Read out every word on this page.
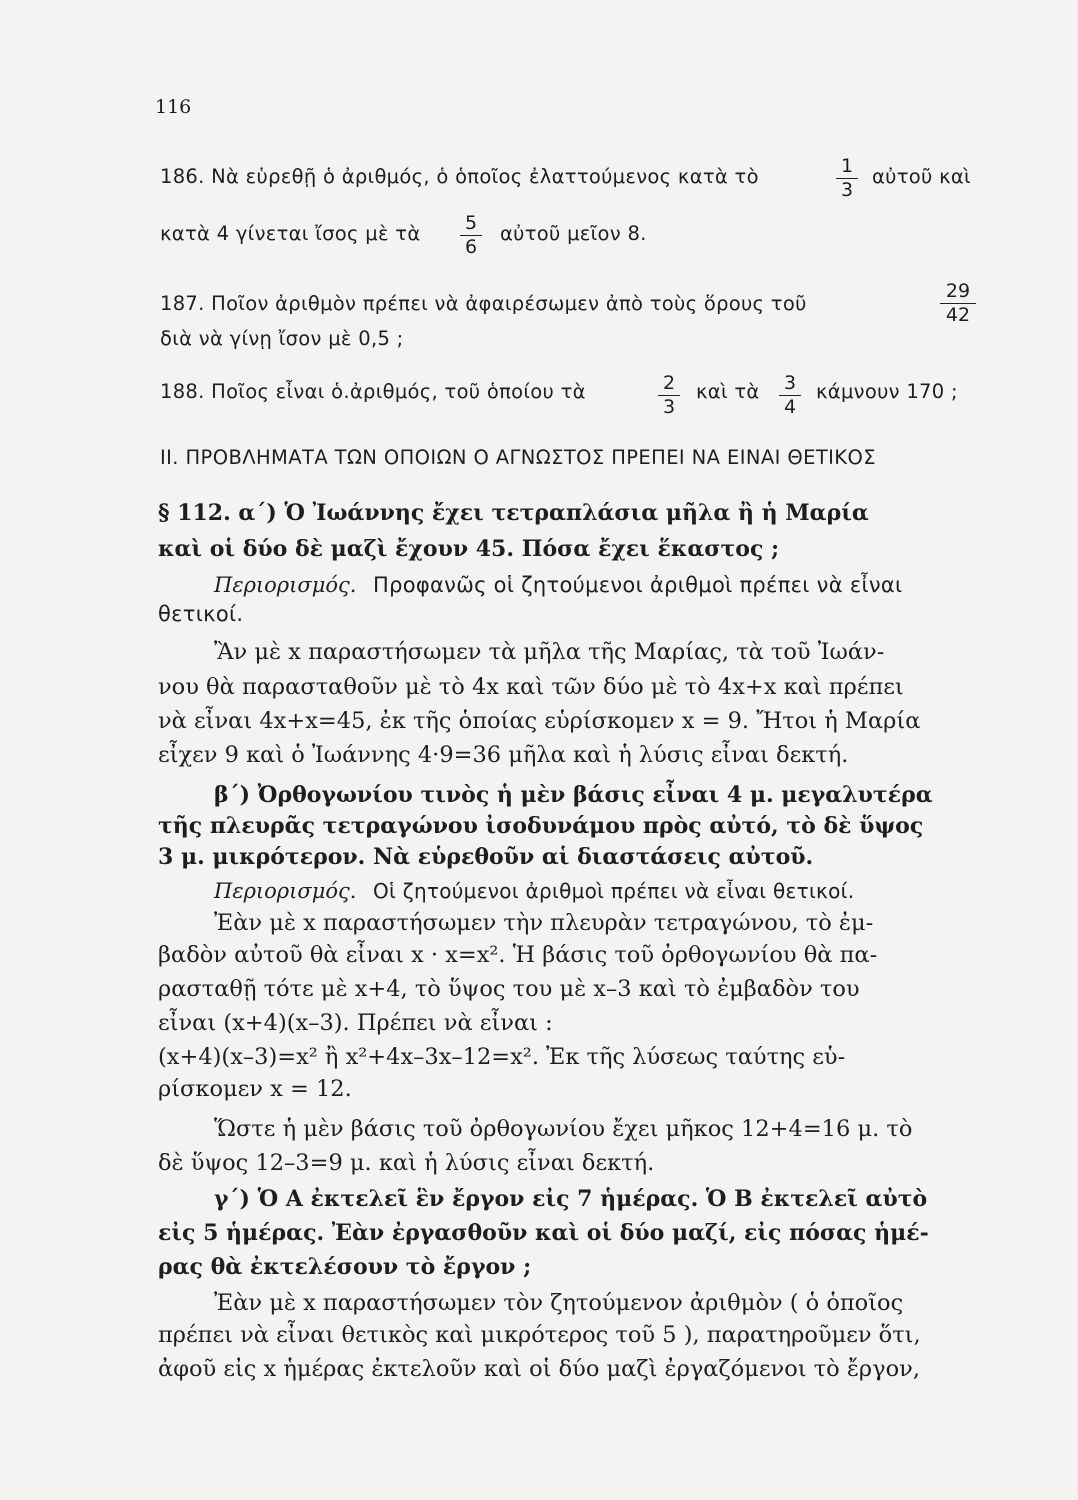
116
186. Νὰ εὑρεθῇ ὁ ἀριθμός, ὁ ὁποῖος ἐλαττούμενος κατὰ τὸ	1
3
αὐτοῦ καὶ
κατὰ 4 γίνεται ἴσος μὲ τὰ 5
6
αὐτοῦ μεῖον 8.
187. Ποῖον ἀριθμὸν πρέπει νὰ ἀφαιρέσωμεν ἀπὸ τοὺς ὅρους τοῦ
29
42
διὰ νὰ γίνῃ ἴσον μὲ 0,5 ;
188. Ποῖος εἶναι ὁ.ἀριθμός, τοῦ ὁποίου τὰ	2
3
καὶ τὰ 3
4
κάμνουν 170 ;
II. ΠΡΟΒΛΗΜΑΤΑ ΤΩΝ ΟΠΟΙΩΝ Ο ΑΓΝΩΣΤΟΣ ΠΡΕΠΕΙ ΝΑ ΕΙΝΑΙ ΘΕΤΙΚΟΣ
§ 112. α΄) Ὁ Ἰωάννης ἔχει τετραπλάσια μῆλα ἢ ἡ Μαρία
καὶ οἱ δύο δὲ μαζὶ ἔχουν 45. Πόσα ἔχει ἕκαστος ;
Περιορισμός. Προφανῶς οἱ ζητούμενοι ἀριθμοὶ πρέπει νὰ εἶναι
θετικοί.
Ἂν μὲ x παραστήσωμεν τὰ μῆλα τῆς Μαρίας, τὰ τοῦ Ἰωάν-
νου θὰ παρασταθοῦν μὲ τὸ 4x καὶ τῶν δύο μὲ τὸ 4x+x καὶ πρέπει
νὰ εἶναι 4x+x=45, ἐκ τῆς ὁποίας εὑρίσκομεν x = 9. Ἤτοι ἡ Μαρία
εἶχεν 9 καὶ ὁ Ἰωάννης 4·9=36 μῆλα καὶ ἡ λύσις εἶναι δεκτή.
β΄) Ὀρθογωνίου τινὸς ἡ μὲν βάσις εἶναι 4 μ. μεγαλυτέρα
τῆς πλευρᾶς τετραγώνου ἰσοδυνάμου πρὸς αὐτό, τὸ δὲ ὕψος
3 μ. μικρότερον. Νὰ εὑρεθοῦν αἱ διαστάσεις αὐτοῦ.
Περιορισμός. Οἱ ζητούμενοι ἀριθμοὶ πρέπει νὰ εἶναι θετικοί.
Ἐὰν μὲ x παραστήσωμεν τὴν πλευρὰν τετραγώνου, τὸ ἐμ-
βαδὸν αὐτοῦ θὰ εἶναι x · x=x². Ἡ βάσις τοῦ ὀρθογωνίου θὰ πα-
ρασταθῇ τότε μὲ x+4, τὸ ὕψος του μὲ x–3 καὶ τὸ ἐμβαδὸν του
εἶναι (x+4)(x–3). Πρέπει νὰ εἶναι :
(x+4)(x–3)=x² ἢ x²+4x–3x–12=x². Ἐκ τῆς λύσεως ταύτης εὑ-
ρίσκομεν x = 12.
Ὥστε ἡ μὲν βάσις τοῦ ὀρθογωνίου ἔχει μῆκος 12+4=16 μ. τὸ
δὲ ὕψος 12–3=9 μ. καὶ ἡ λύσις εἶναι δεκτή.
γ΄) Ὁ Α ἐκτελεῖ ἓν ἔργον εἰς 7 ἡμέρας. Ὁ Β ἐκτελεῖ αὐτὸ
εἰς 5 ἡμέρας. Ἐὰν ἐργασθοῦν καὶ οἱ δύο μαζί, εἰς πόσας ἡμέ-
ρας θὰ ἐκτελέσουν τὸ ἔργον ;
Ἐὰν μὲ x παραστήσωμεν τὸν ζητούμενον ἀριθμὸν ( ὁ ὁποῖος
πρέπει νὰ εἶναι θετικὸς καὶ μικρότερος τοῦ 5 ), παρατηροῦμεν ὅτι,
ἀφοῦ εἰς x ἡμέρας ἐκτελοῦν καὶ οἱ δύο μαζὶ ἐργαζόμενοι τὸ ἔργον,
